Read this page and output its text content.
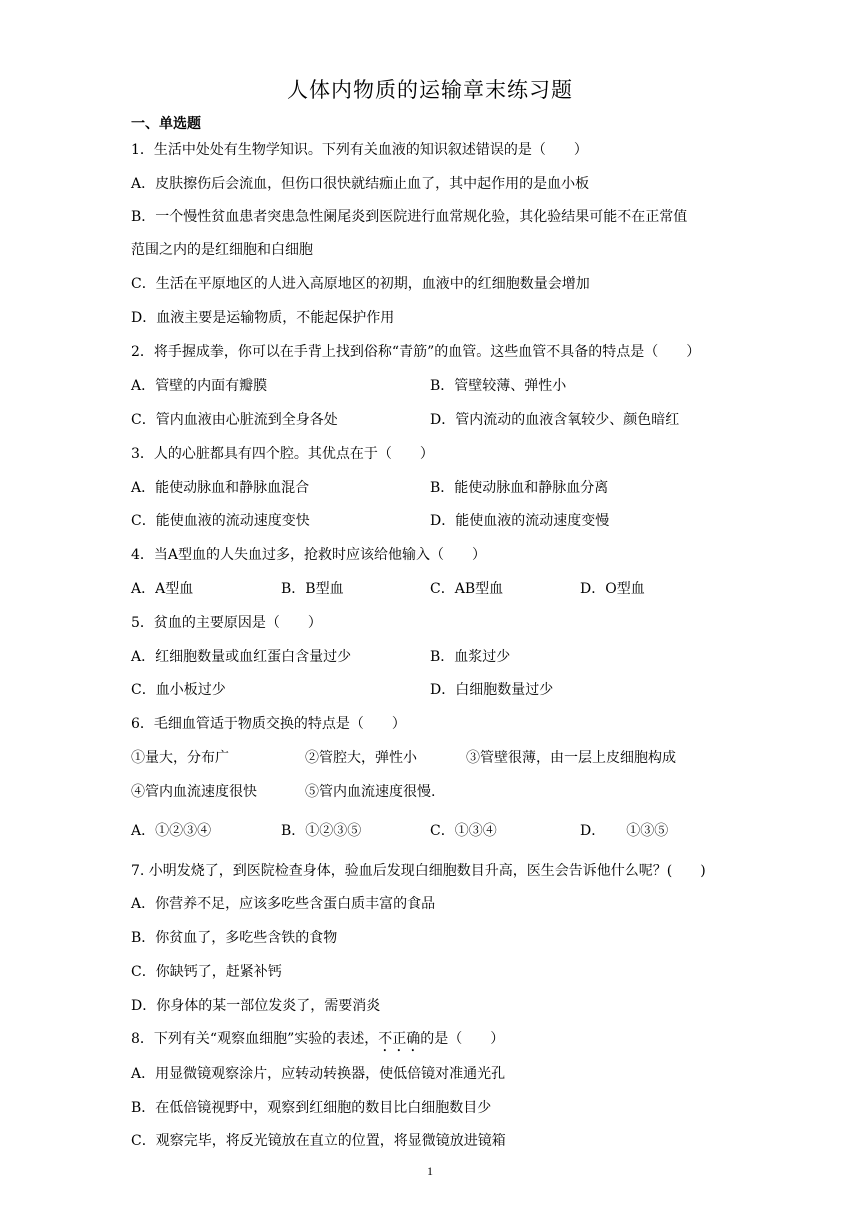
人体内物质的运输章末练习题
一、单选题
1．生活中处处有生物学知识。下列有关血液的知识叙述错误的是（　　）
A．皮肤擦伤后会流血，但伤口很快就结痂止血了，其中起作用的是血小板
B．一个慢性贫血患者突患急性阑尾炎到医院进行血常规化验，其化验结果可能不在正常值
范围之内的是红细胞和白细胞
C．生活在平原地区的人进入高原地区的初期，血液中的红细胞数量会增加
D．血液主要是运输物质，不能起保护作用
2．将手握成拳，你可以在手背上找到俗称“青筋”的血管。这些血管不具备的特点是（　　）
A．管壁的内面有瓣膜	B．管壁较薄、弹性小
C．管内血液由心脏流到全身各处	D．管内流动的血液含氧较少、颜色暗红
3．人的心脏都具有四个腔。其优点在于（　　）
A．能使动脉血和静脉血混合	B．能使动脉血和静脉血分离
C．能使血液的流动速度变快	D．能使血液的流动速度变慢
4．当A型血的人失血过多，抢救时应该给他输入（　　）
A．A型血	B．B型血	C．AB型血	D．O型血
5．贫血的主要原因是（　　）
A．红细胞数量或血红蛋白含量过少	B．血浆过少
C．血小板过少	D．白细胞数量过少
6．毛细血管适于物质交换的特点是（　　）
①量大，分布广	②管腔大，弹性小	③管壁很薄，由一层上皮细胞构成
④管内血流速度很快	⑤管内血流速度很慢.
A．①②③④	B．①②③⑤	C．①③④	D．　　①③⑤
7. 小明发烧了，到医院检查身体，验血后发现白细胞数目升高，医生会告诉他什么呢？(　　)
A．你营养不足，应该多吃些含蛋白质丰富的食品
B．你贫血了，多吃些含铁的食物
C．你缺钙了，赶紧补钙
D．你身体的某一部位发炎了，需要消炎
8．下列有关“观察血细胞”实验的表述，不正确的是（　　）
A．用显微镜观察涂片，应转动转换器，使低倍镜对准通光孔
B．在低倍镜视野中，观察到红细胞的数目比白细胞数目少
C．观察完毕，将反光镜放在直立的位置，将显微镜放进镜箱
1
